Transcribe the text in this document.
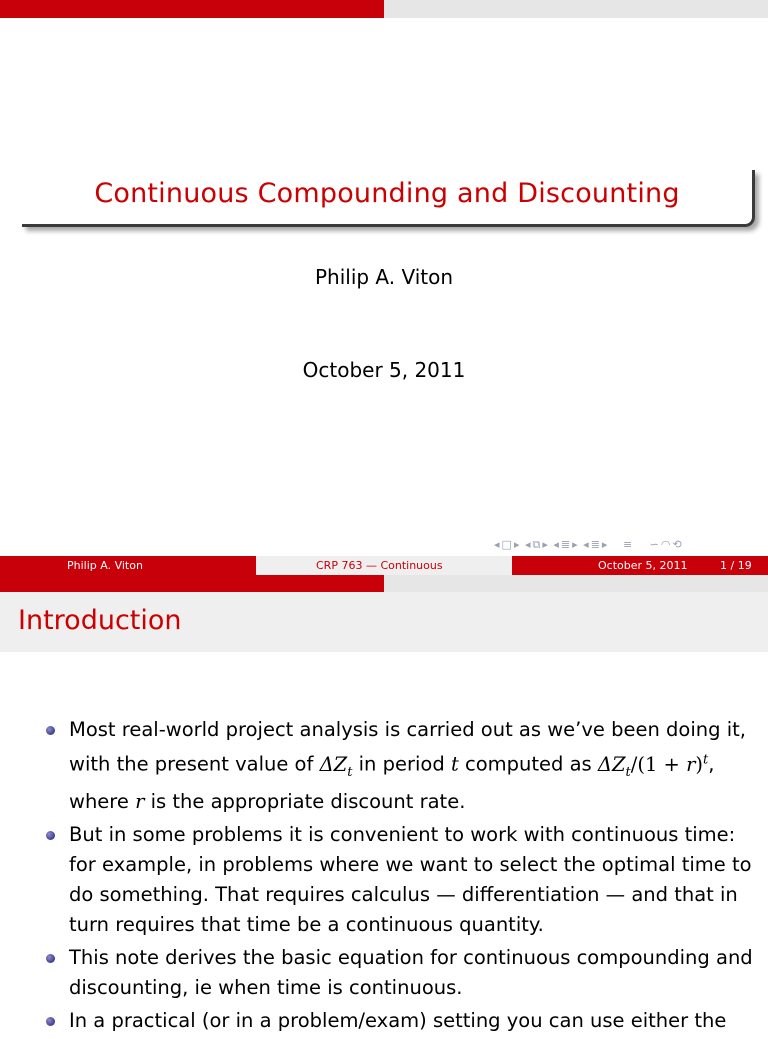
Continuous Compounding and Discounting
Philip A. Viton
October 5, 2011
◂ □ ▸ ◂ ⧉ ▸ ◂ ≣ ▸ ◂ ≣ ▸ ≡ ∽ ◠ ⟲
Philip A. Viton	CRP 763 — Continuous	October 5, 2011	1 / 19
Introduction
Most real-world project analysis is carried out as we’ve been doing it,
with the present value of $\Delta Z_t$ in period t computed as $\Delta Z_t/(1 + r)^t$,
where r is the appropriate discount rate.
But in some problems it is convenient to work with continuous time: for example, in problems where we want to select the optimal time to do something. That requires calculus — differentiation — and that in turn requires that time be a continuous quantity.
This note derives the basic equation for continuous compounding and discounting, ie when time is continuous.
In a practical (or in a problem/exam) setting you can use either the
